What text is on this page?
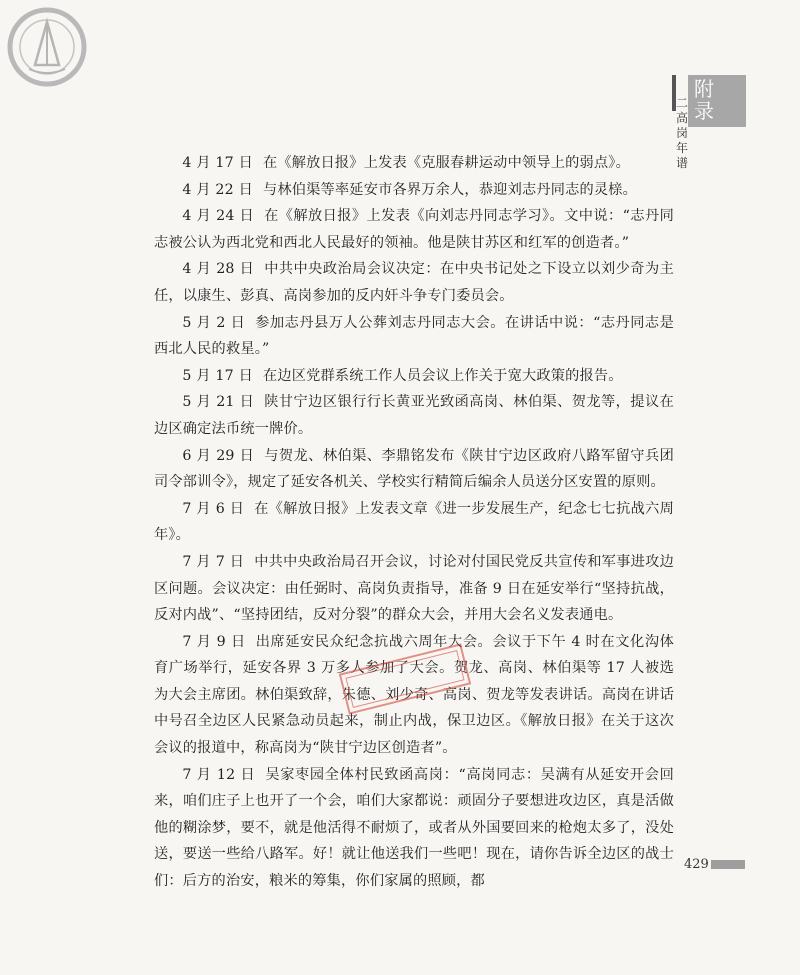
附录
二高岗年谱

4 月 17 日 在《解放日报》上发表《克服春耕运动中领导上的弱点》。

4 月 22 日 与林伯渠等率延安市各界万余人，恭迎刘志丹同志的灵榇。

4 月 24 日 在《解放日报》上发表《向刘志丹同志学习》。文中说：“志丹同志被公认为西北党和西北人民最好的领袖。他是陕甘苏区和红军的创造者。”

4 月 28 日 中共中央政治局会议决定：在中央书记处之下设立以刘少奇为主任，以康生、彭真、高岗参加的反内奸斗争专门委员会。

5 月 2 日 参加志丹县万人公葬刘志丹同志大会。在讲话中说：“志丹同志是西北人民的救星。”

5 月 17 日 在边区党群系统工作人员会议上作关于宽大政策的报告。

5 月 21 日 陕甘宁边区银行行长黄亚光致函高岗、林伯渠、贺龙等，提议在边区确定法币统一牌价。

6 月 29 日 与贺龙、林伯渠、李鼎铭发布《陕甘宁边区政府八路军留守兵团司令部训令》，规定了延安各机关、学校实行精简后编余人员送分区安置的原则。

7 月 6 日 在《解放日报》上发表文章《进一步发展生产，纪念七七抗战六周年》。

7 月 7 日 中共中央政治局召开会议，讨论对付国民党反共宣传和军事进攻边区问题。会议决定：由任弼时、高岗负责指导，准备 9 日在延安举行“坚持抗战，反对内战”、“坚持团结，反对分裂”的群众大会，并用大会名义发表通电。

7 月 9 日 出席延安民众纪念抗战六周年大会。会议于下午 4 时在文化沟体育广场举行，延安各界 3 万多人参加了大会。贺龙、高岗、林伯渠等 17 人被选为大会主席团。林伯渠致辞，朱德、刘少奇、高岗、贺龙等发表讲话。高岗在讲话中号召全边区人民紧急动员起来，制止内战，保卫边区。《解放日报》在关于这次会议的报道中，称高岗为“陕甘宁边区创造者”。

7 月 12 日 吴家枣园全体村民致函高岗：“高岗同志：吴满有从延安开会回来，咱们庄子上也开了一个会，咱们大家都说：顽固分子要想进攻边区，真是活做他的糊涂梦，要不，就是他活得不耐烦了，或者从外国要回来的枪炮太多了，没处送，要送一些给八路军。好！就让他送我们一些吧！现在，请你告诉全边区的战士们：后方的治安，粮米的筹集，你们家属的照顾，都

429
